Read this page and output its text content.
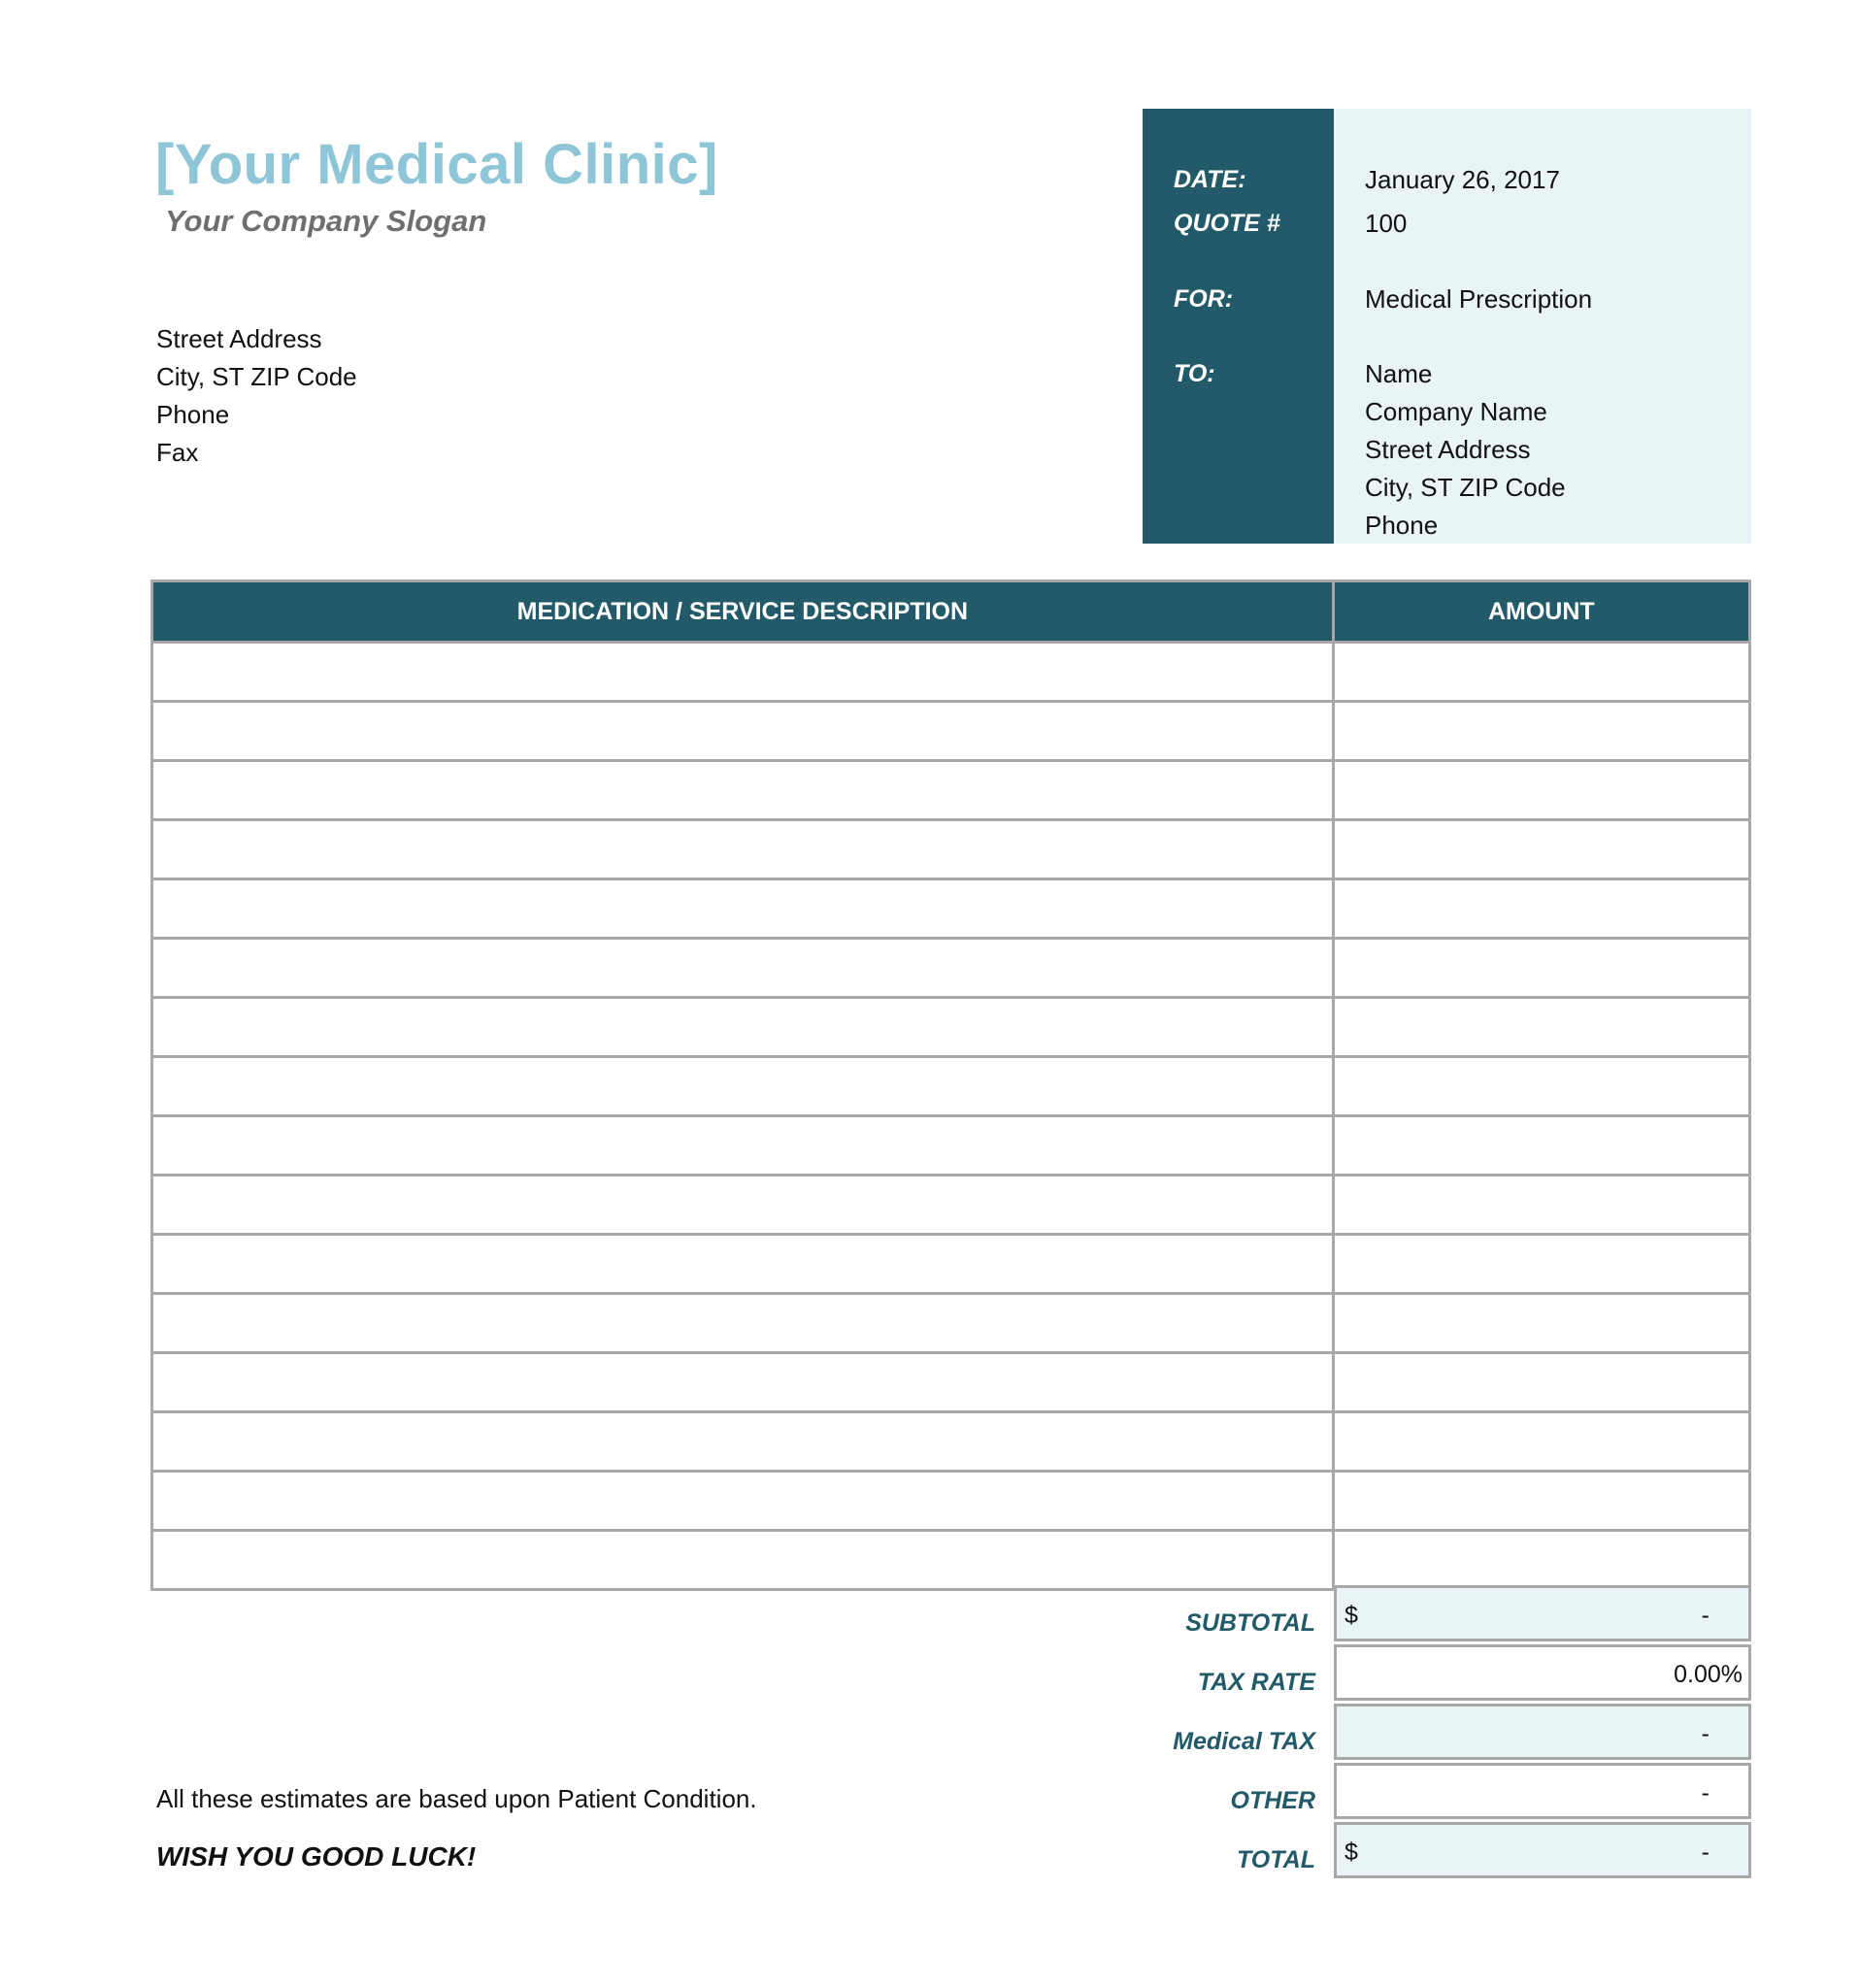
[Your Medical Clinic]
Your Company Slogan
Street Address
City, ST ZIP Code
Phone
Fax
DATE:	January 26, 2017
QUOTE #	100
FOR:	Medical Prescription
TO:	Name
Company Name
Street Address
City, ST ZIP Code
Phone
MEDICATION / SERVICE DESCRIPTION	AMOUNT

SUBTOTAL $	-
TAX RATE	0.00%
Medical TAX	-
OTHER	-
TOTAL $	-
All these estimates are based upon Patient Condition.
WISH YOU GOOD LUCK!
